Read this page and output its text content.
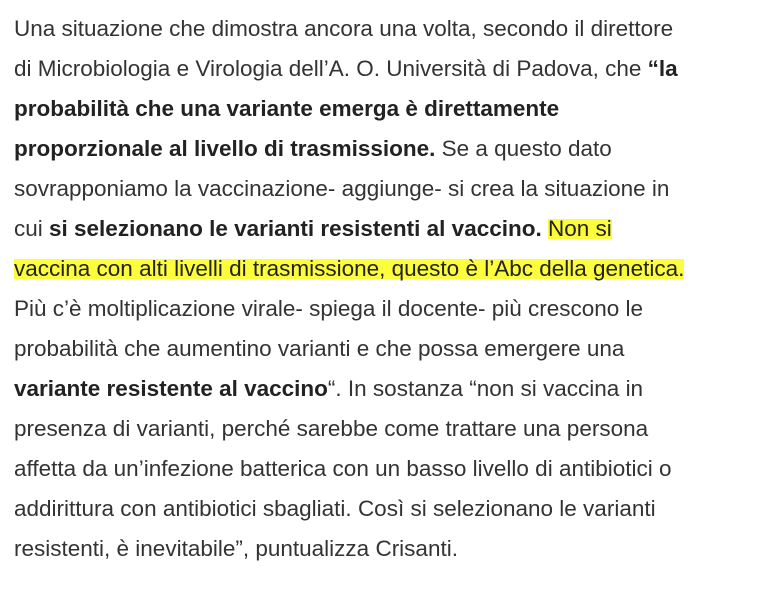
Una situazione che dimostra ancora una volta, secondo il direttore
di Microbiologia e Virologia dell’A. O. Università di Padova, che “la
probabilità che una variante emerga è direttamente
proporzionale al livello di trasmissione. Se a questo dato
sovrapponiamo la vaccinazione- aggiunge- si crea la situazione in
cui si selezionano le varianti resistenti al vaccino. Non si
vaccina con alti livelli di trasmissione, questo è l’Abc della genetica.
Più c’è moltiplicazione virale- spiega il docente- più crescono le
probabilità che aumentino varianti e che possa emergere una
variante resistente al vaccino“. In sostanza “non si vaccina in
presenza di varianti, perché sarebbe come trattare una persona
affetta da un’infezione batterica con un basso livello di antibiotici o
addirittura con antibiotici sbagliati. Così si selezionano le varianti
resistenti, è inevitabile”, puntualizza Crisanti.
